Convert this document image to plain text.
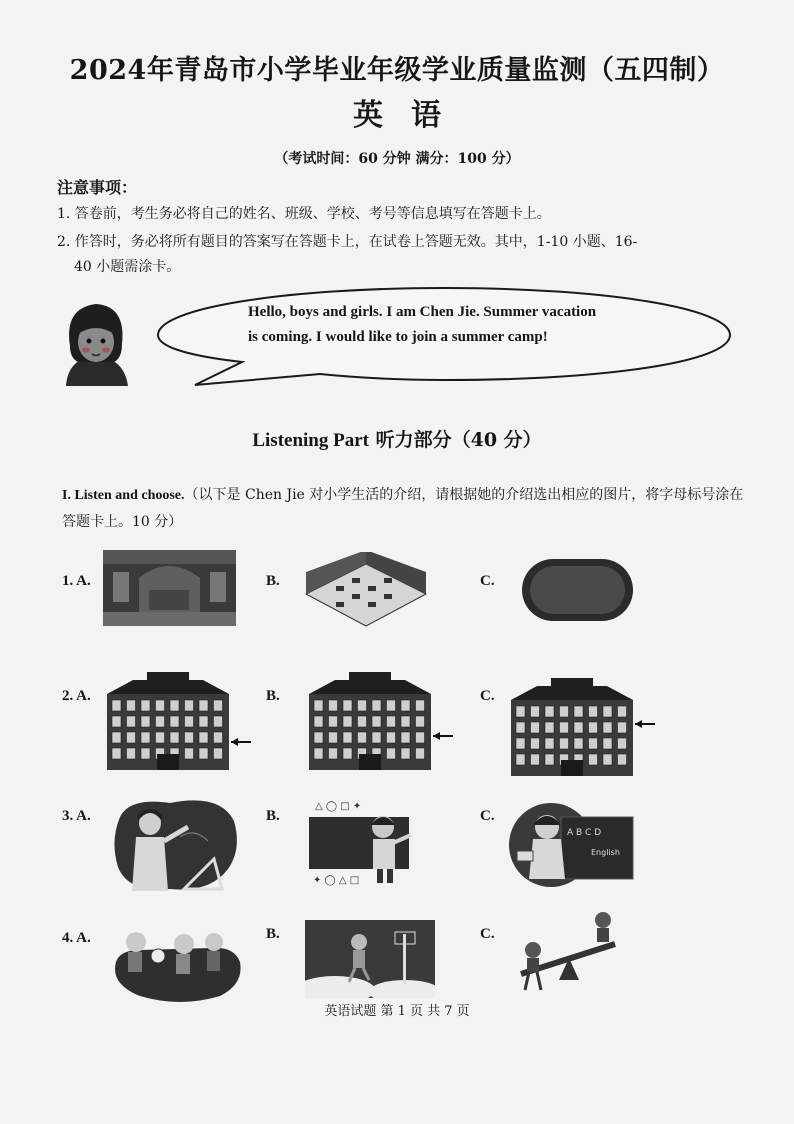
2024年青岛市小学毕业年级学业质量监测（五四制）
英语
（考试时间：60 分钟 满分：100 分）
注意事项：
1. 答卷前，考生务必将自己的姓名、班级、学校、考号等信息填写在答题卡上。
2. 作答时，务必将所有题目的答案写在答题卡上，在试卷上答题无效。其中，1-10 小题、16-
40 小题需涂卡。
Hello, boys and girls. I am Chen Jie. Summer vacation
is coming. I would like to join a summer camp!
Listening Part 听力部分（40 分）
I. Listen and choose.（以下是 Chen Jie 对小学生活的介绍，请根据她的介绍选出相应的图片，将字母标号涂在答题卡上。10 分）
1. A.	B.	C.
2. A.	B.	C.
3. A.	B.
△ ◯ □ ✦
✦ ◯ △ □
C.
A B C D
English
4. A.	B.	C.
英语试题 第 1 页 共 7 页
